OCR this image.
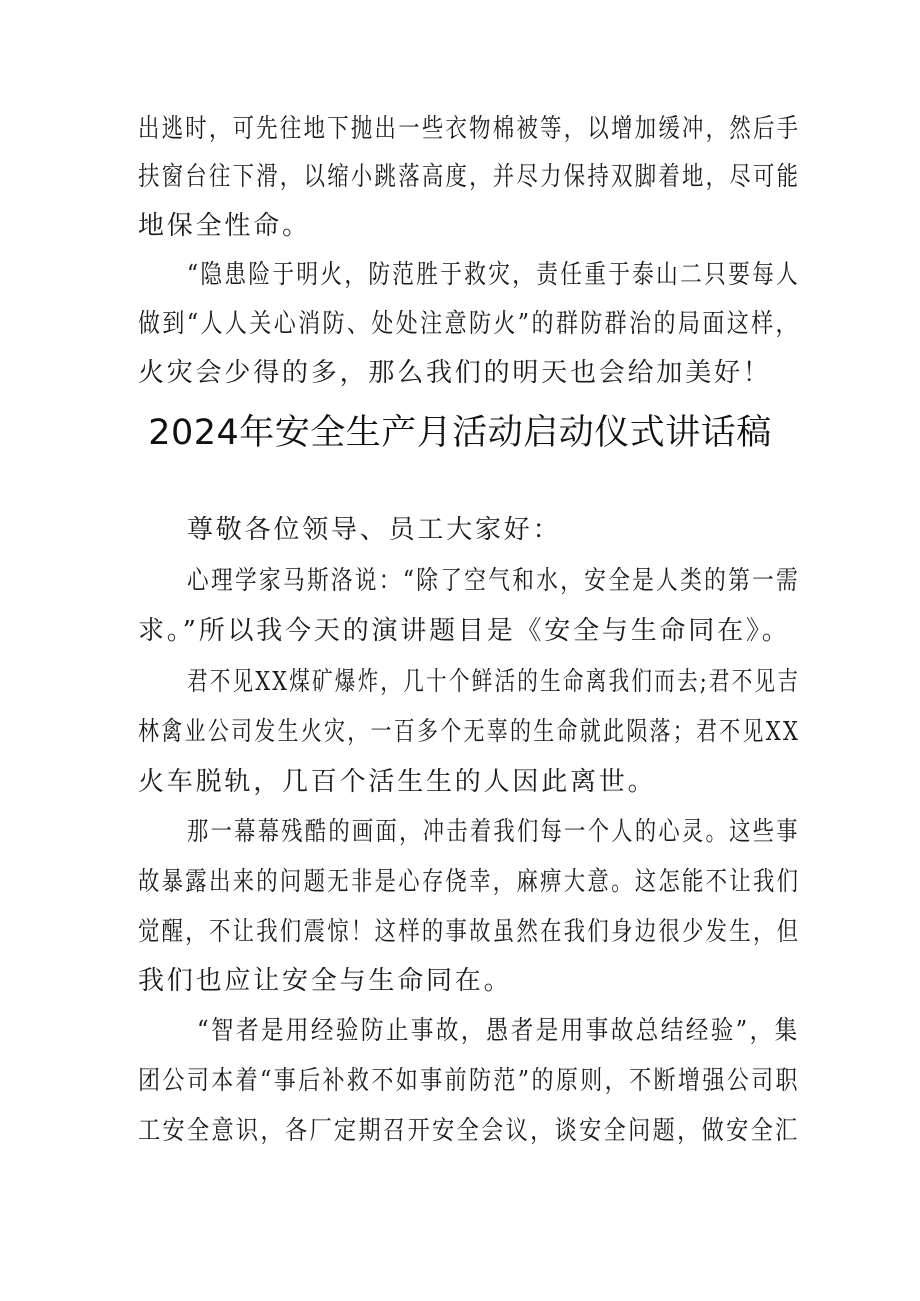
出逃时，可先往地下抛出一些衣物棉被等，以增加缓冲，然后手
扶窗台往下滑，以缩小跳落高度，并尽力保持双脚着地，尽可能
地保全性命。
“隐患险于明火，防范胜于救灾，责任重于泰山二只要每人
做到“人人关心消防、处处注意防火”的群防群治的局面这样，
火灾会少得的多，那么我们的明天也会给加美好！
2024年安全生产月活动启动仪式讲话稿
尊敬各位领导、员工大家好：
心理学家马斯洛说：“除了空气和水，安全是人类的第一需
求。”所以我今天的演讲题目是《安全与生命同在》。
君不见XX煤矿爆炸，几十个鲜活的生命离我们而去;君不见吉
林禽业公司发生火灾，一百多个无辜的生命就此陨落；君不见XX
火车脱轨，几百个活生生的人因此离世。
那一幕幕残酷的画面，冲击着我们每一个人的心灵。这些事
故暴露出来的问题无非是心存侥幸，麻痹大意。这怎能不让我们
觉醒，不让我们震惊！这样的事故虽然在我们身边很少发生，但
我们也应让安全与生命同在。
“智者是用经验防止事故，愚者是用事故总结经验”，集
团公司本着“事后补救不如事前防范”的原则，不断增强公司职
工安全意识，各厂定期召开安全会议，谈安全问题，做安全汇
